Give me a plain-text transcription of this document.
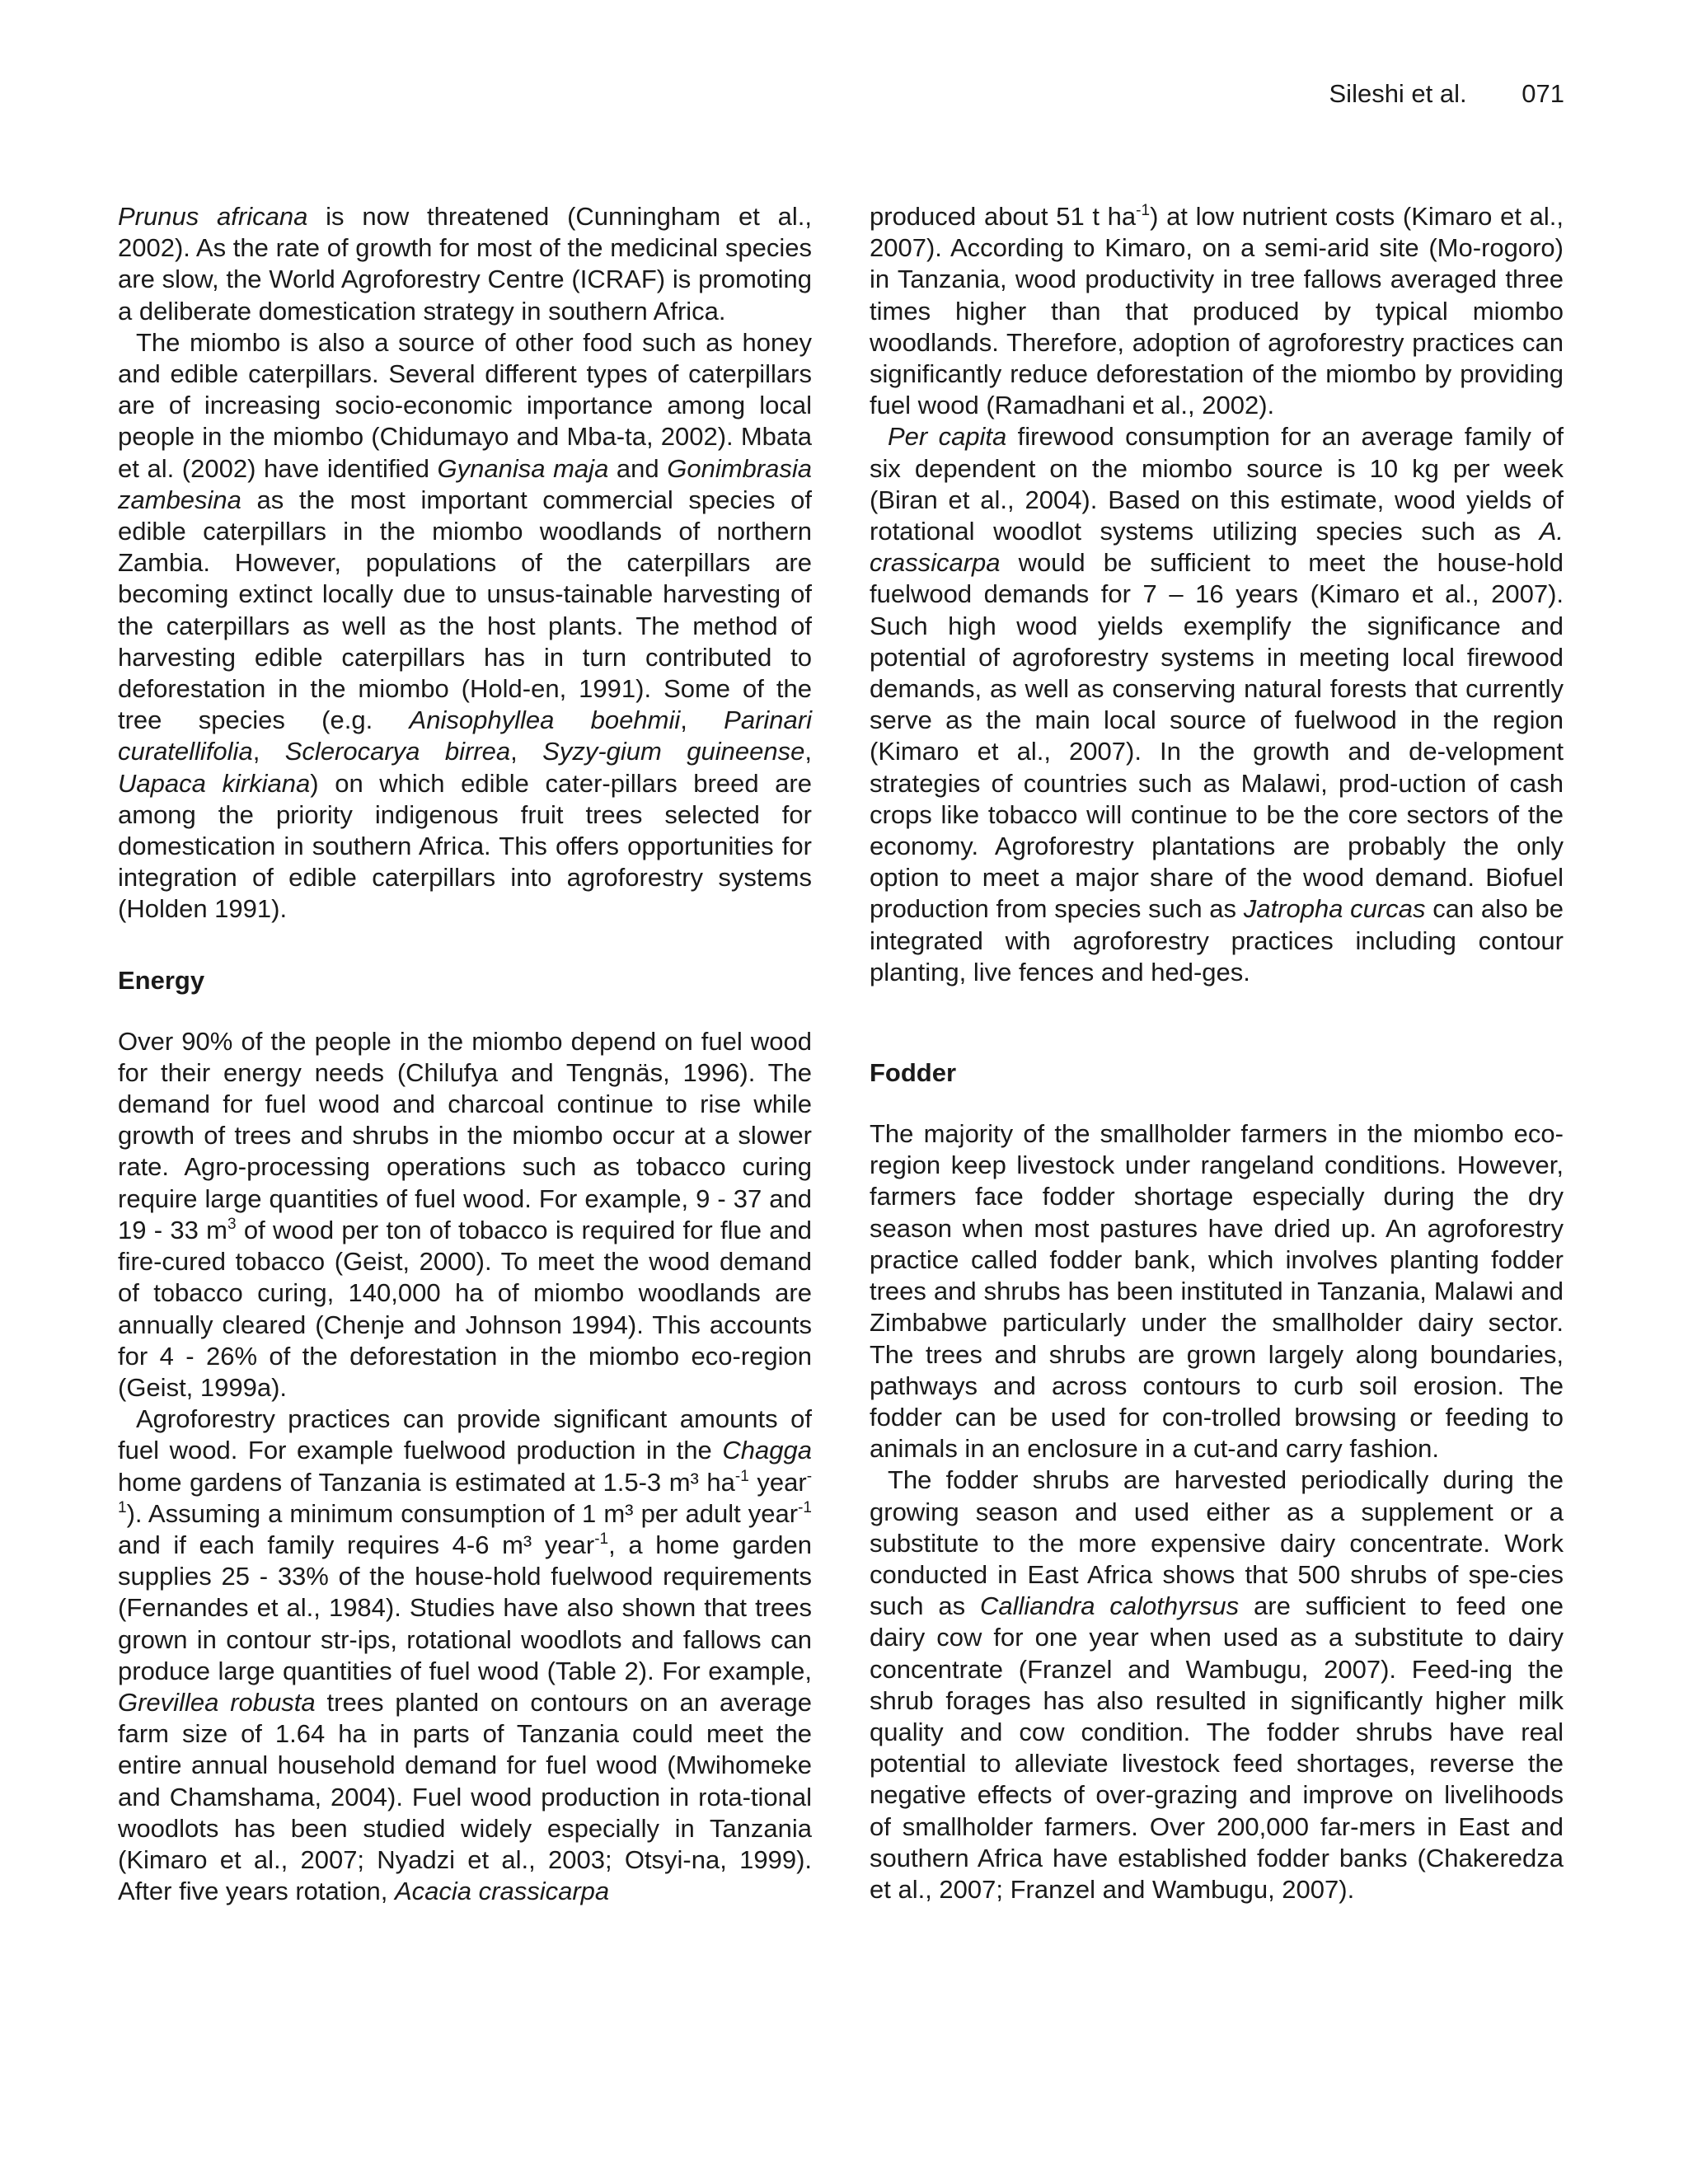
Sileshi et al. 071

Prunus africana is now threatened (Cunningham et al., 2002). As the rate of growth for most of the medicinal species are slow, the World Agroforestry Centre (ICRAF) is promoting a deliberate domestication strategy in southern Africa.

The miombo is also a source of other food such as honey and edible caterpillars. Several different types of caterpillars are of increasing socio-economic importance among local people in the miombo (Chidumayo and Mba-ta, 2002). Mbata et al. (2002) have identified Gynanisa maja and Gonimbrasia zambesina as the most important commercial species of edible caterpillars in the miombo woodlands of northern Zambia. However, populations of the caterpillars are becoming extinct locally due to unsus-tainable harvesting of the caterpillars as well as the host plants. The method of harvesting edible caterpillars has in turn contributed to deforestation in the miombo (Hold-en, 1991). Some of the tree species (e.g. Anisophyllea boehmii, Parinari curatellifolia, Sclerocarya birrea, Syzy-gium guineense, Uapaca kirkiana) on which edible cater-pillars breed are among the priority indigenous fruit trees selected for domestication in southern Africa. This offers opportunities for integration of edible caterpillars into agroforestry systems (Holden 1991).

Energy

Over 90% of the people in the miombo depend on fuel wood for their energy needs (Chilufya and Tengnäs, 1996). The demand for fuel wood and charcoal continue to rise while growth of trees and shrubs in the miombo occur at a slower rate. Agro-processing operations such as tobacco curing require large quantities of fuel wood. For example, 9 - 37 and 19 - 33 $m^3$ of wood per ton of tobacco is required for flue and fire-cured tobacco (Geist, 2000). To meet the wood demand of tobacco curing, 140,000 ha of miombo woodlands are annually cleared (Chenje and Johnson 1994). This accounts for 4 - 26% of the deforestation in the miombo eco-region (Geist, 1999a).

Agroforestry practices can provide significant amounts of fuel wood. For example fuelwood production in the Chagga home gardens of Tanzania is estimated at 1.5-3 m³ $ha^{-1}$ year$^{-1}$). Assuming a minimum consumption of 1 m³ per adult year$^{-1}$ and if each family requires 4-6 m³ year$^{-1}$, a home garden supplies 25 - 33% of the house-hold fuelwood requirements (Fernandes et al., 1984). Studies have also shown that trees grown in contour str-ips, rotational woodlots and fallows can produce large quantities of fuel wood (Table 2). For example, Grevillea robusta trees planted on contours on an average farm size of 1.64 ha in parts of Tanzania could meet the entire annual household demand for fuel wood (Mwihomeke and Chamshama, 2004). Fuel wood production in rota-tional woodlots has been studied widely especially in Tanzania (Kimaro et al., 2007; Nyadzi et al., 2003; Otsyi-na, 1999). After five years rotation, Acacia crassicarpa

produced about 51 t $ha^{-1}$) at low nutrient costs (Kimaro et al., 2007). According to Kimaro, on a semi-arid site (Mo-rogoro) in Tanzania, wood productivity in tree fallows averaged three times higher than that produced by typical miombo woodlands. Therefore, adoption of agroforestry practices can significantly reduce deforestation of the miombo by providing fuel wood (Ramadhani et al., 2002).

Per capita firewood consumption for an average family of six dependent on the miombo source is 10 kg per week (Biran et al., 2004). Based on this estimate, wood yields of rotational woodlot systems utilizing species such as A. crassicarpa would be sufficient to meet the house-hold fuelwood demands for 7 – 16 years (Kimaro et al., 2007). Such high wood yields exemplify the significance and potential of agroforestry systems in meeting local firewood demands, as well as conserving natural forests that currently serve as the main local source of fuelwood in the region (Kimaro et al., 2007). In the growth and de-velopment strategies of countries such as Malawi, prod-uction of cash crops like tobacco will continue to be the core sectors of the economy. Agroforestry plantations are probably the only option to meet a major share of the wood demand. Biofuel production from species such as Jatropha curcas can also be integrated with agroforestry practices including contour planting, live fences and hed-ges.

Fodder

The majority of the smallholder farmers in the miombo eco-region keep livestock under rangeland conditions. However, farmers face fodder shortage especially during the dry season when most pastures have dried up. An agroforestry practice called fodder bank, which involves planting fodder trees and shrubs has been instituted in Tanzania, Malawi and Zimbabwe particularly under the smallholder dairy sector. The trees and shrubs are grown largely along boundaries, pathways and across contours to curb soil erosion. The fodder can be used for con-trolled browsing or feeding to animals in an enclosure in a cut-and carry fashion.

The fodder shrubs are harvested periodically during the growing season and used either as a supplement or a substitute to the more expensive dairy concentrate. Work conducted in East Africa shows that 500 shrubs of spe-cies such as Calliandra calothyrsus are sufficient to feed one dairy cow for one year when used as a substitute to dairy concentrate (Franzel and Wambugu, 2007). Feed-ing the shrub forages has also resulted in significantly higher milk quality and cow condition. The fodder shrubs have real potential to alleviate livestock feed shortages, reverse the negative effects of over-grazing and improve on livelihoods of smallholder farmers. Over 200,000 far-mers in East and southern Africa have established fodder banks (Chakeredza et al., 2007; Franzel and Wambugu, 2007).
